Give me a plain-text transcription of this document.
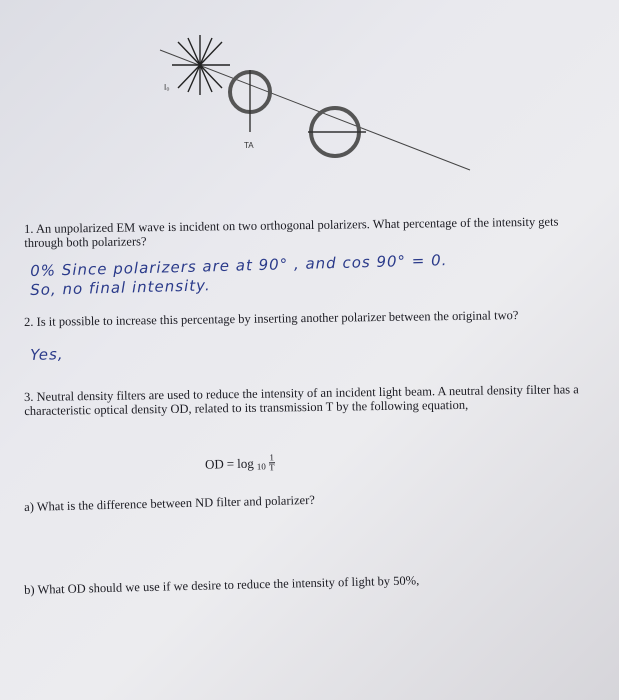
I₀
TA
1. An unpolarized EM wave is incident on two orthogonal polarizers. What percentage of the intensity gets through both polarizers?
0% Since polarizers are at 90° , and cos 90° = 0.
So, no final intensity.
2. Is it possible to increase this percentage by inserting another polarizer between the original two?
Yes,
3. Neutral density filters are used to reduce the intensity of an incident light beam. A neutral density filter has a characteristic optical density OD, related to its transmission T by the following equation,
OD = $\log 10 \frac{1}{T}$
a) What is the difference between ND filter and polarizer?
b) What OD should we use if we desire to reduce the intensity of light by 50%,
